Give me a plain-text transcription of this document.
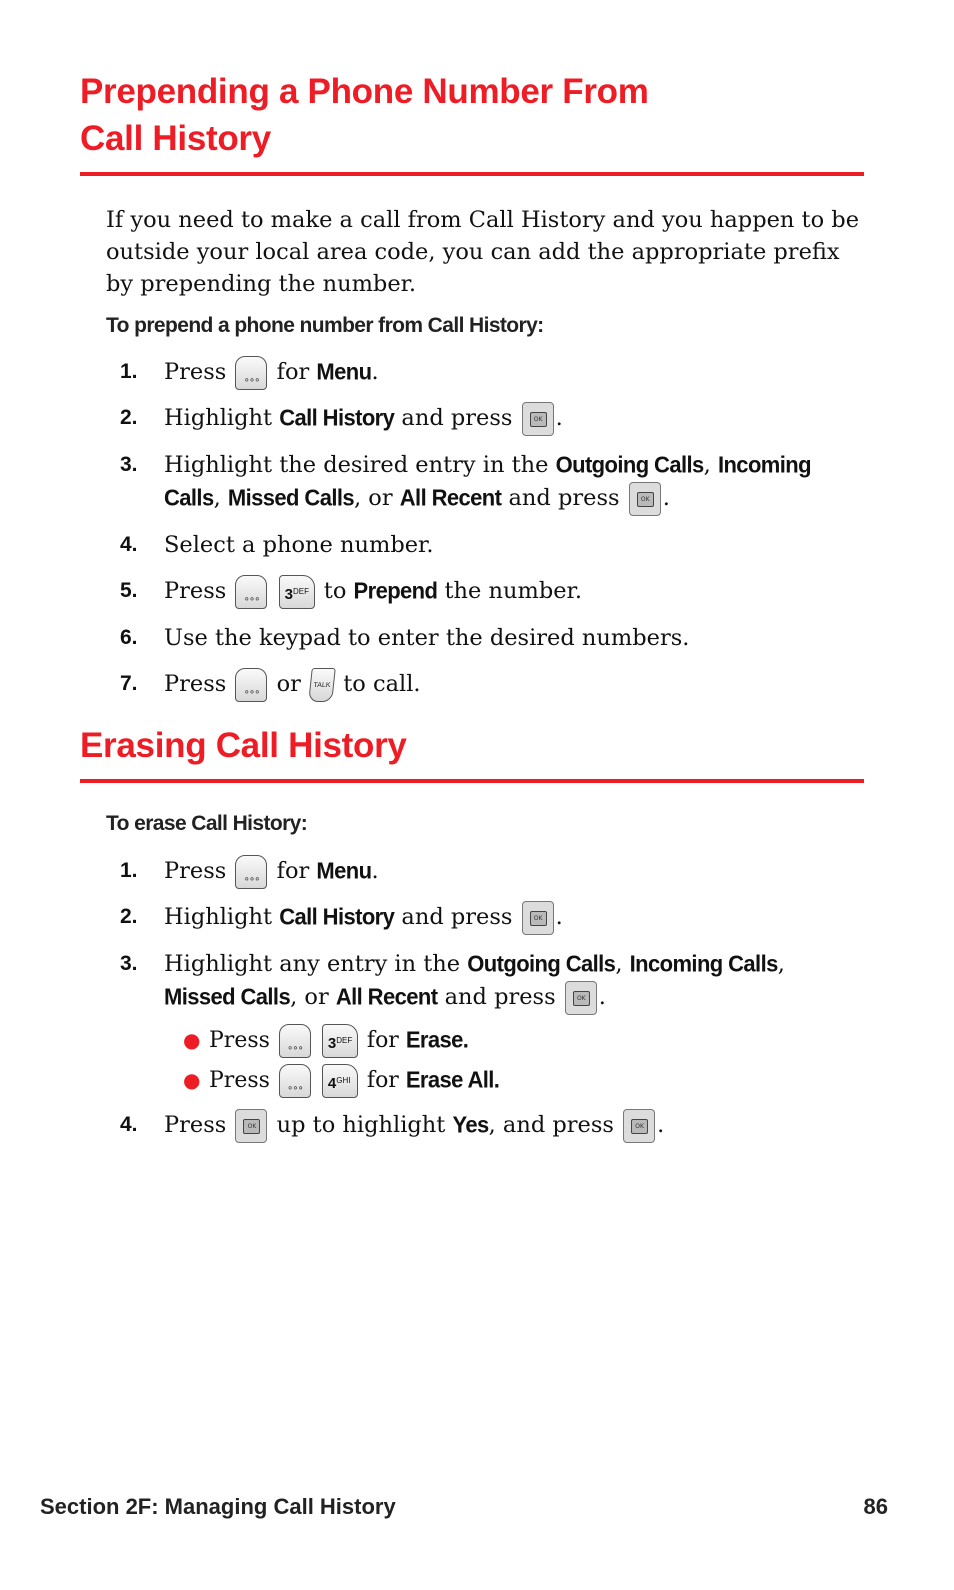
Prepending a Phone Number From
Call History
If you need to make a call from Call History and you happen to be outside your local area code, you can add the appropriate prefix by prepending the number.
To prepend a phone number from Call History:
1. Press ∘∘∘ for Menu.
2. Highlight Call History and press OK .
3. Highlight the desired entry in the Outgoing Calls, Incoming
Calls, Missed Calls, or All Recent and press OK .
4. Select a phone number.
5. Press ∘∘∘	$3^{DEF}$ to Prepend the number.
6. Use the keypad to enter the desired numbers.
7. Press ∘∘∘ or TALK to call.
Erasing Call History
To erase Call History:
1. Press ∘∘∘ for Menu.
2. Highlight Call History and press OK .
3. Highlight any entry in the Outgoing Calls, Incoming Calls,
Missed Calls, or All Recent and press OK .
● Press ∘∘∘	$3^{DEF}$ for Erase.
● Press ∘∘∘	$4^{GHI}$ for Erase All.
4. Press OK up to highlight Yes, and press OK .
Section 2F: Managing Call History	86
